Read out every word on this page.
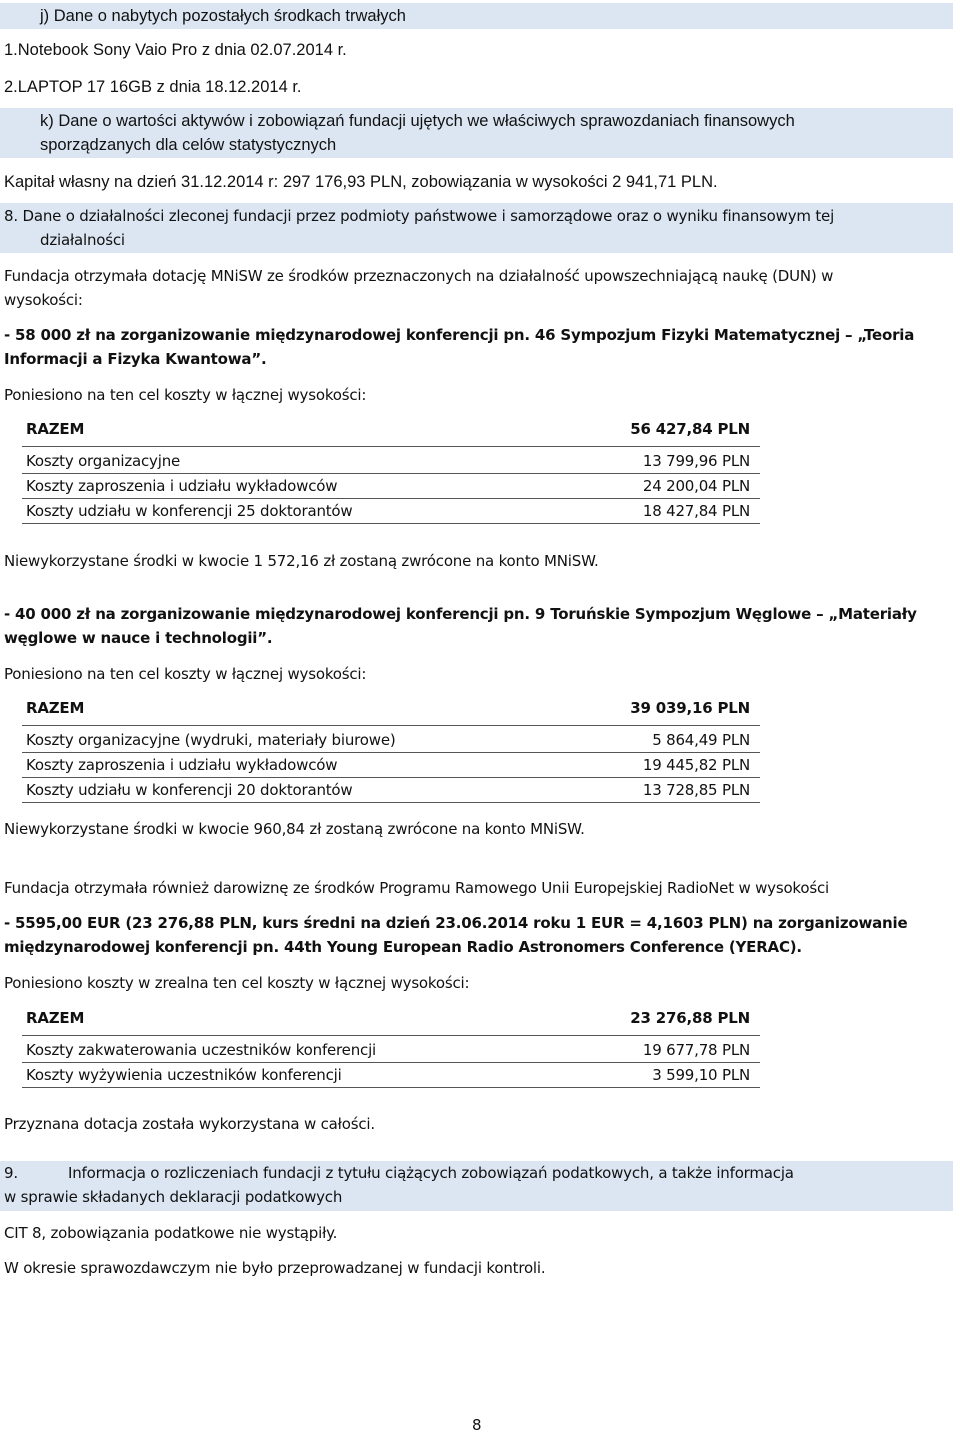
j) Dane o nabytych pozostałych środkach trwałych
1.Notebook Sony Vaio Pro z dnia 02.07.2014 r.
2.LAPTOP 17 16GB z dnia 18.12.2014 r.
k) Dane o wartości aktywów i zobowiązań fundacji ujętych we właściwych sprawozdaniach finansowych
sporządzanych dla celów statystycznych
Kapitał własny na dzień 31.12.2014 r: 297 176,93 PLN, zobowiązania w wysokości 2 941,71 PLN.
8. Dane o działalności zleconej fundacji przez podmioty państwowe i samorządowe oraz o wyniku finansowym tej
działalności
Fundacja otrzymała dotację MNiSW ze środków przeznaczonych na działalność upowszechniającą naukę (DUN) w
wysokości:
- 58 000 zł na zorganizowanie międzynarodowej konferencji pn. 46 Sympozjum Fizyki Matematycznej – „Teoria
Informacji a Fizyka Kwantowa”.
Poniesiono na ten cel koszty w łącznej wysokości:
RAZEM	56 427,84 PLN
Koszty organizacyjne	13 799,96 PLN
Koszty zaproszenia i udziału wykładowców	24 200,04 PLN
Koszty udziału w konferencji 25 doktorantów	18 427,84 PLN
Niewykorzystane środki w kwocie 1 572,16 zł zostaną zwrócone na konto MNiSW.
- 40 000 zł na zorganizowanie międzynarodowej konferencji pn. 9 Toruńskie Sympozjum Węglowe – „Materiały
węglowe w nauce i technologii”.
Poniesiono na ten cel koszty w łącznej wysokości:
RAZEM	39 039,16 PLN
Koszty organizacyjne (wydruki, materiały biurowe)	5 864,49 PLN
Koszty zaproszenia i udziału wykładowców	19 445,82 PLN
Koszty udziału w konferencji 20 doktorantów	13 728,85 PLN
Niewykorzystane środki w kwocie 960,84 zł zostaną zwrócone na konto MNiSW.
Fundacja otrzymała również darowiznę ze środków Programu Ramowego Unii Europejskiej RadioNet w wysokości
- 5595,00 EUR (23 276,88 PLN, kurs średni na dzień 23.06.2014 roku 1 EUR = 4,1603 PLN) na zorganizowanie
międzynarodowej konferencji pn. 44th Young European Radio Astronomers Conference (YERAC).
Poniesiono koszty w zrealna ten cel koszty w łącznej wysokości:
RAZEM	23 276,88 PLN
Koszty zakwaterowania uczestników konferencji	19 677,78 PLN
Koszty wyżywienia uczestników konferencji	3 599,10 PLN
Przyznana dotacja została wykorzystana w całości.
9.	Informacja o rozliczeniach fundacji z tytułu ciążących zobowiązań podatkowych, a także informacja
w sprawie składanych deklaracji podatkowych
CIT 8, zobowiązania podatkowe nie wystąpiły.
W okresie sprawozdawczym nie było przeprowadzanej w fundacji kontroli.
8
